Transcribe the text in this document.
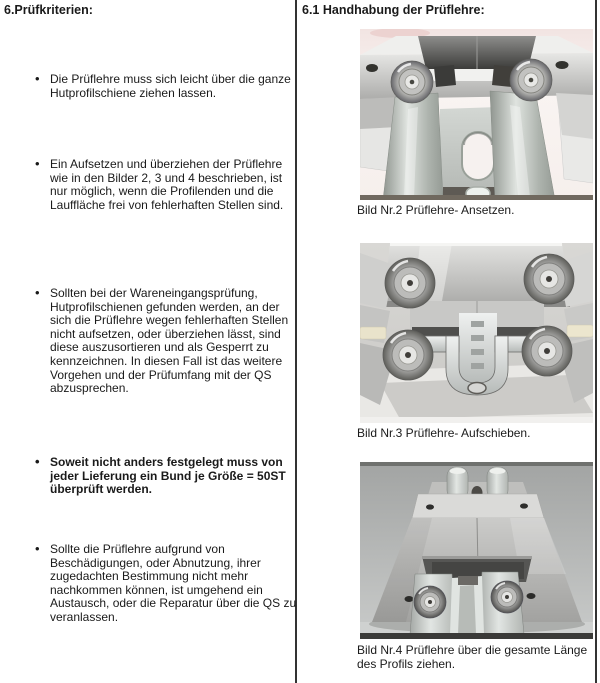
6.Prüfkriterien:
• Die Prüflehre muss sich leicht über die ganze Hutprofilschiene ziehen lassen.
• Ein Aufsetzen und überziehen der Prüflehre wie in den Bilder 2, 3 und 4 beschrieben, ist nur möglich, wenn die Profilenden und die Lauffläche frei von fehlerhaften Stellen sind.
• Sollten bei der Wareneingangsprüfung, Hutprofilschienen gefunden werden, an der sich die Prüflehre wegen fehlerhaften Stellen nicht aufsetzen, oder überziehen lässt, sind diese auszusortieren und als Gesperrt zu kennzeichnen. In diesen Fall ist das weitere Vorgehen und der Prüfumfang mit der QS abzusprechen.
• Soweit nicht anders festgelegt muss von jeder Lieferung ein Bund je Größe = 50ST überprüft werden.
• Sollte die Prüflehre aufgrund von Beschädigungen, oder Abnutzung, ihrer zugedachten Bestimmung nicht mehr nachkommen können, ist umgehend ein Austausch, oder die Reparatur über die QS zu veranlassen.
6.1 Handhabung der Prüflehre:
Bild Nr.2 Prüflehre- Ansetzen.
Bild Nr.3 Prüflehre- Aufschieben.
Bild Nr.4 Prüflehre über die gesamte Länge des Profils ziehen.
